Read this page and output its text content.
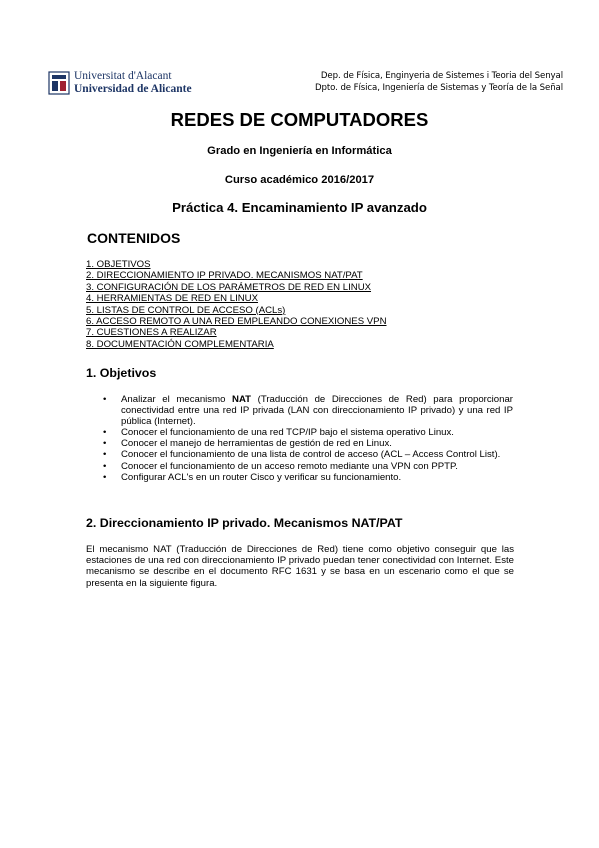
Universitat d'Alacant
Universidad de Alicante
Dep. de Física, Enginyeria de Sistemes i Teoria del Senyal
Dpto. de Física, Ingeniería de Sistemas y Teoría de la Señal
REDES DE COMPUTADORES
Grado en Ingeniería en Informática
Curso académico 2016/2017
Práctica 4. Encaminamiento IP avanzado
CONTENIDOS
1. OBJETIVOS
2. DIRECCIONAMIENTO IP PRIVADO. MECANISMOS NAT/PAT
3. CONFIGURACIÓN DE LOS PARÁMETROS DE RED EN LINUX
4. HERRAMIENTAS DE RED EN LINUX
5. LISTAS DE CONTROL DE ACCESO (ACLs)
6. ACCESO REMOTO A UNA RED EMPLEANDO CONEXIONES VPN
7. CUESTIONES A REALIZAR
8. DOCUMENTACIÓN COMPLEMENTARIA
1. Objetivos
• Analizar el mecanismo NAT (Traducción de Direcciones de Red) para proporcionar conectividad entre una red IP privada (LAN con direccionamiento IP privado) y una red IP pública (Internet).
• Conocer el funcionamiento de una red TCP/IP bajo el sistema operativo Linux.
• Conocer el manejo de herramientas de gestión de red en Linux.
• Conocer el funcionamiento de una lista de control de acceso (ACL – Access Control List).
• Conocer el funcionamiento de un acceso remoto mediante una VPN con PPTP.
• Configurar ACL's en un router Cisco y verificar su funcionamiento.
2. Direccionamiento IP privado. Mecanismos NAT/PAT
El mecanismo NAT (Traducción de Direcciones de Red) tiene como objetivo conseguir que las estaciones de una red con direccionamiento IP privado puedan tener conectividad con Internet. Este mecanismo se describe en el documento RFC 1631 y se basa en un escenario como el que se presenta en la siguiente figura.
